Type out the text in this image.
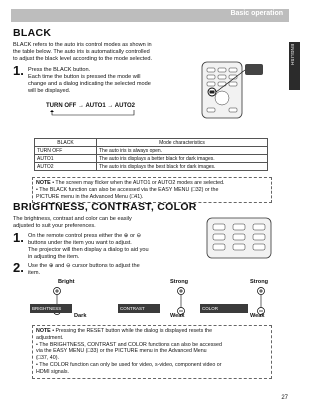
Basic operation
ENGLISH
BLACK
BLACK refers to the auto iris control modes as shown in
the table below. The auto iris is automatically controlled
to adjust the black level according to the mode selected.
1. Press the BLACK button.
Each time the button is pressed the mode will
change and a dialog indicating the selected mode
will be displayed.
TURN OFF → AUTO1 → AUTO2
BLACK	Mode characteristics
TURN OFF	The auto iris is always open.
AUTO1	The auto iris displays a better black for dark images.
AUTO2	The auto iris displays the best black for dark images.
NOTE • The screen may flicker when the AUTO1 or AUTO2 modes are selected.
• The BLACK function can also be accessed via the EASY MENU (□32) or the
PICTURE menu in the Advanced Menu (□41).
BRIGHTNESS, CONTRAST, COLOR
The brightness, contrast and color can be easily
adjusted to suit your preferences.
1. On the remote control press either the ⊕ or ⊖
buttons under the item you want to adjust.
The projector will then display a dialog to aid you
in adjusting the item.
2. Use the ⊕ and ⊖ cursor buttons to adjust the
item.
Bright
BRIGHTNESS
Dark
Strong
CONTRAST
Weak
Strong
COLOR
Weak
NOTE • Pressing the RESET button while the dialog is displayed resets the
adjustment.
• The BRIGHTNESS, CONTRAST and COLOR functions can also be accessed
via the EASY MENU (□33) or the PICTURE menu in the Advanced Menu
(□37, 40).
• The COLOR function can only be used for video, s-video, component video or
HDMI signals.
27
